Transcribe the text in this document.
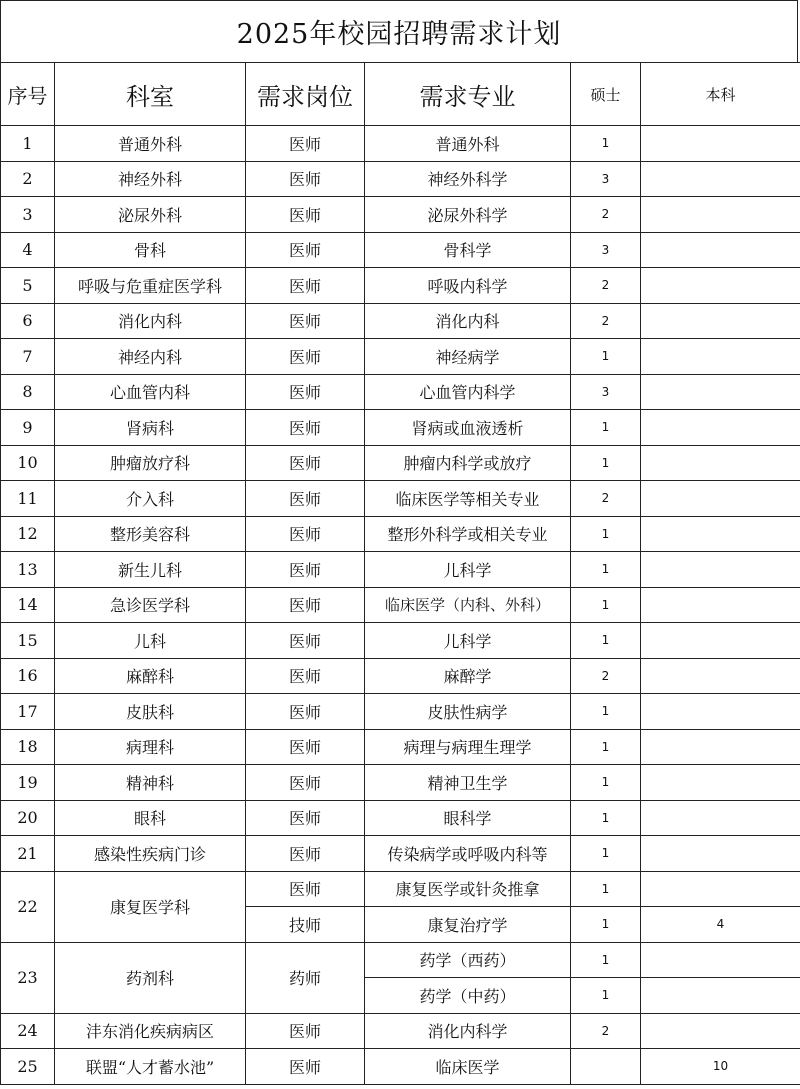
2025年校园招聘需求计划
序号	科室	需求岗位	需求专业	硕士	本科
1	普通外科	医师	普通外科	1	
2	神经外科	医师	神经外科学	3	
3	泌尿外科	医师	泌尿外科学	2	
4	骨科	医师	骨科学	3	
5	呼吸与危重症医学科	医师	呼吸内科学	2	
6	消化内科	医师	消化内科	2	
7	神经内科	医师	神经病学	1	
8	心血管内科	医师	心血管内科学	3	
9	肾病科	医师	肾病或血液透析	1	
10	肿瘤放疗科	医师	肿瘤内科学或放疗	1	
11	介入科	医师	临床医学等相关专业	2	
12	整形美容科	医师	整形外科学或相关专业	1	
13	新生儿科	医师	儿科学	1	
14	急诊医学科	医师	临床医学（内科、外科）	1	
15	儿科	医师	儿科学	1	
16	麻醉科	医师	麻醉学	2	
17	皮肤科	医师	皮肤性病学	1	
18	病理科	医师	病理与病理生理学	1	
19	精神科	医师	精神卫生学	1	
20	眼科	医师	眼科学	1	
21	感染性疾病门诊	医师	传染病学或呼吸内科等	1	
22	康复医学科	医师	康复医学或针灸推拿	1	
		技师	康复治疗学	1	4
23	药剂科	药师	药学（西药）	1	
			药学（中药）	1	
24	沣东消化疾病病区	医师	消化内科学	2	
25	联盟“人才蓄水池”	医师	临床医学		10
